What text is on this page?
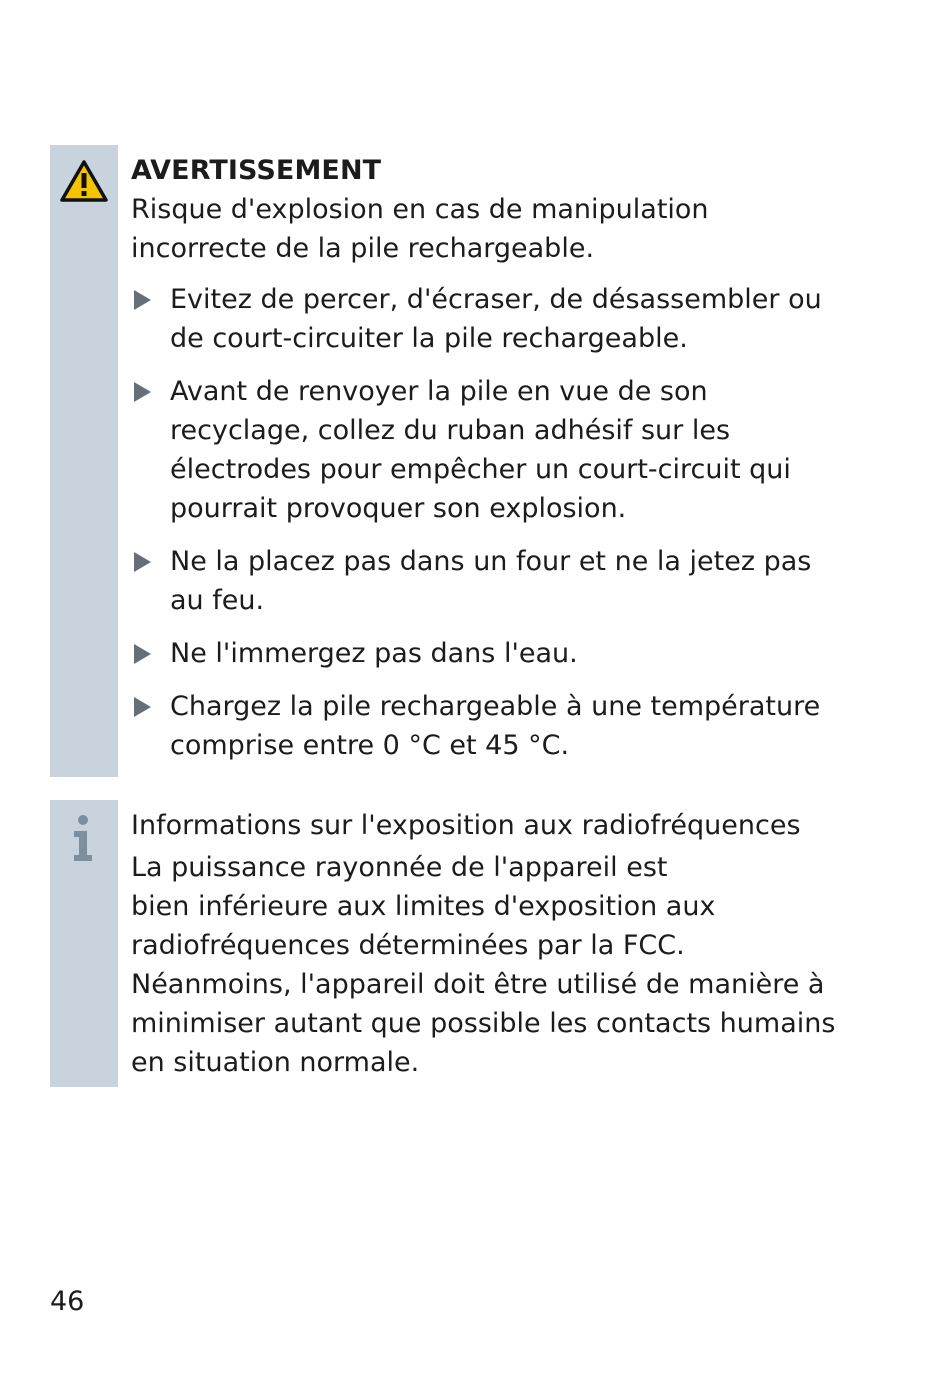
AVERTISSEMENT

Risque d'explosion en cas de manipulation incorrecte de la pile rechargeable.

Evitez de percer, d'écraser, de désassembler ou de court-circuiter la pile rechargeable.
Avant de renvoyer la pile en vue de son recyclage, collez du ruban adhésif sur les électrodes pour empêcher un court-circuit qui pourrait provoquer son explosion.
Ne la placez pas dans un four et ne la jetez pas au feu.
Ne l'immergez pas dans l'eau.
Chargez la pile rechargeable à une température comprise entre 0 °C et 45 °C.
Informations sur l'exposition aux radiofréquences
La puissance rayonnée de l'appareil est
bien inférieure aux limites d'exposition aux radiofréquences déterminées par la FCC. Néanmoins, l'appareil doit être utilisé de manière à minimiser autant que possible les contacts humains en situation normale.
46
